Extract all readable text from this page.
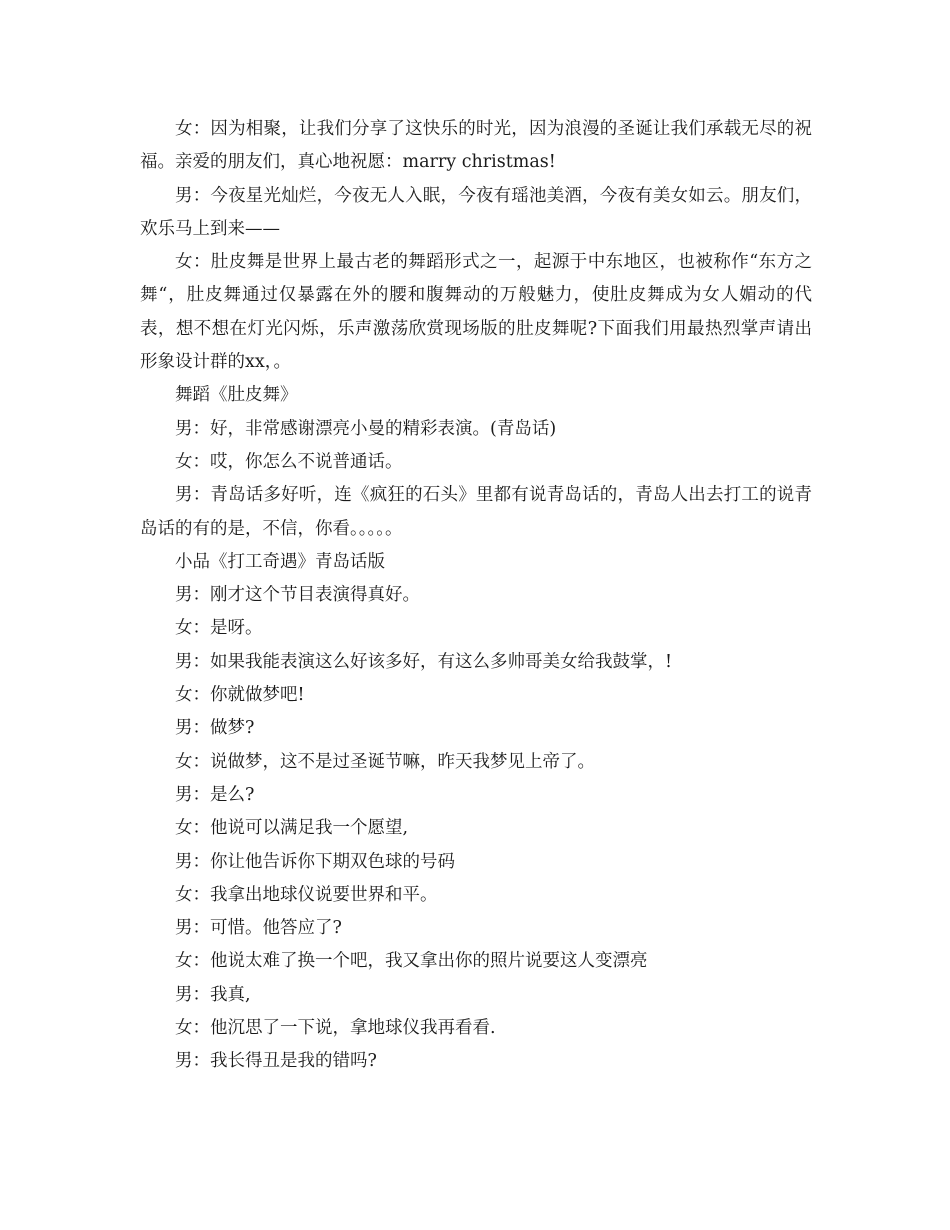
女：因为相聚，让我们分享了这快乐的时光，因为浪漫的圣诞让我们承载无尽的祝福。亲爱的朋友们，真心地祝愿：marry christmas!

男：今夜星光灿烂，今夜无人入眠，今夜有瑶池美酒，今夜有美女如云。朋友们，欢乐马上到来——

女：肚皮舞是世界上最古老的舞蹈形式之一，起源于中东地区，也被称作“东方之舞“，肚皮舞通过仅暴露在外的腰和腹舞动的万般魅力，使肚皮舞成为女人媚动的代表，想不想在灯光闪烁，乐声激荡欣赏现场版的肚皮舞呢?下面我们用最热烈掌声请出形象设计群的xx，。

舞蹈《肚皮舞》

男：好，非常感谢漂亮小曼的精彩表演。(青岛话)

女：哎，你怎么不说普通话。

男：青岛话多好听，连《疯狂的石头》里都有说青岛话的，青岛人出去打工的说青岛话的有的是，不信，你看。。。。。

小品《打工奇遇》青岛话版

男：刚才这个节目表演得真好。

女：是呀。

男：如果我能表演这么好该多好，有这么多帅哥美女给我鼓掌，!

女：你就做梦吧!

男：做梦?

女：说做梦，这不是过圣诞节嘛，昨天我梦见上帝了。

男：是么?

女：他说可以满足我一个愿望,

男：你让他告诉你下期双色球的号码

女：我拿出地球仪说要世界和平。

男：可惜。他答应了?

女：他说太难了换一个吧，我又拿出你的照片说要这人变漂亮

男：我真,

女：他沉思了一下说，拿地球仪我再看看.

男：我长得丑是我的错吗?
